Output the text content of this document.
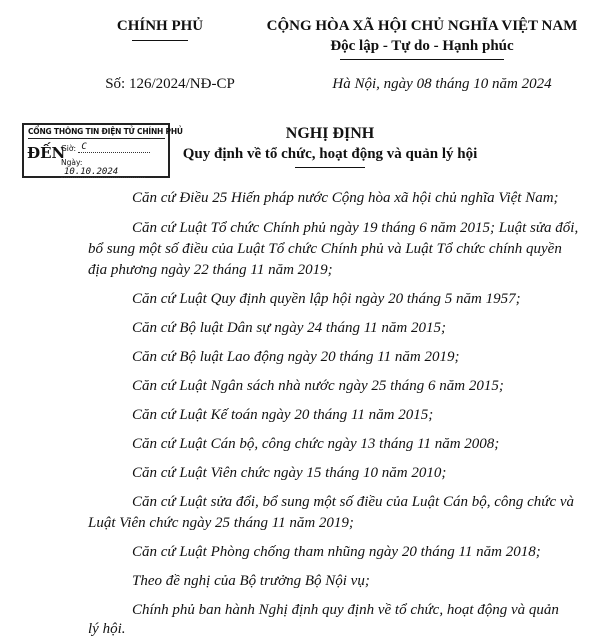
CHÍNH PHỦ	CỘNG HÒA XÃ HỘI CHỦ NGHĨA VIỆT NAM
Độc lập - Tự do - Hạnh phúc
Số: 126/2024/NĐ-CP	Hà Nội, ngày 08 tháng 10 năm 2024
CỔNG THÔNG TIN ĐIỆN TỬ CHÍNH PHỦ
ĐẾN
Giờ: C
Ngày: 10.10.2024
NGHỊ ĐỊNH
Quy định về tổ chức, hoạt động và quản lý hội
Căn cứ Điều 25 Hiến pháp nước Cộng hòa xã hội chủ nghĩa Việt Nam;
Căn cứ Luật Tổ chức Chính phủ ngày 19 tháng 6 năm 2015; Luật sửa đổi,
bổ sung một số điều của Luật Tổ chức Chính phủ và Luật Tổ chức chính quyền
địa phương ngày 22 tháng 11 năm 2019;
Căn cứ Luật Quy định quyền lập hội ngày 20 tháng 5 năm 1957;
Căn cứ Bộ luật Dân sự ngày 24 tháng 11 năm 2015;
Căn cứ Bộ luật Lao động ngày 20 tháng 11 năm 2019;
Căn cứ Luật Ngân sách nhà nước ngày 25 tháng 6 năm 2015;
Căn cứ Luật Kế toán ngày 20 tháng 11 năm 2015;
Căn cứ Luật Cán bộ, công chức ngày 13 tháng 11 năm 2008;
Căn cứ Luật Viên chức ngày 15 tháng 10 năm 2010;
Căn cứ Luật sửa đổi, bổ sung một số điều của Luật Cán bộ, công chức và
Luật Viên chức ngày 25 tháng 11 năm 2019;
Căn cứ Luật Phòng chống tham nhũng ngày 20 tháng 11 năm 2018;
Theo đề nghị của Bộ trưởng Bộ Nội vụ;
Chính phủ ban hành Nghị định quy định về tổ chức, hoạt động và quản
lý hội.
